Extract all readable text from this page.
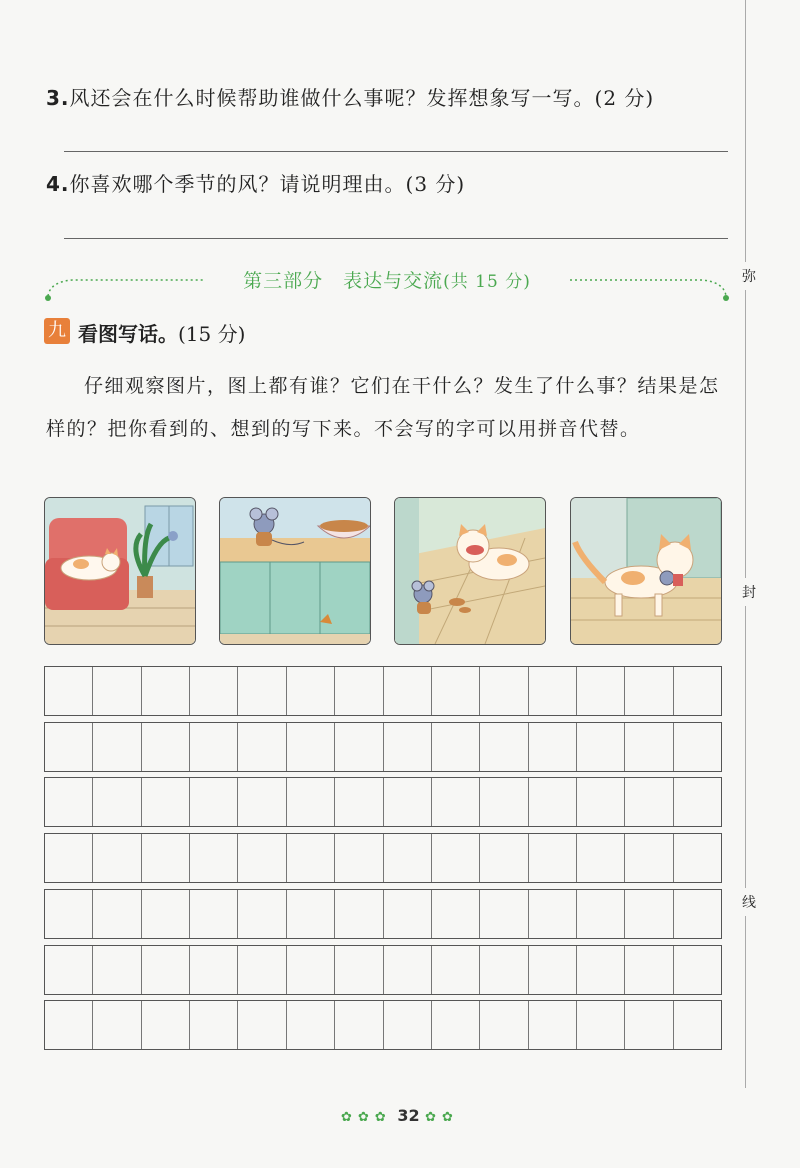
弥
封
线
3.风还会在什么时候帮助谁做什么事呢？发挥想象写一写。(2 分)
4.你喜欢哪个季节的风？请说明理由。(3 分)
第三部分　表达与交流(共 15 分)
九 看图写话。(15 分)
仔细观察图片，图上都有谁？它们在干什么？发生了什么事？结果是怎样的？把你看到的、想到的写下来。不会写的字可以用拼音代替。
✿✿✿ 32 ✿✿
